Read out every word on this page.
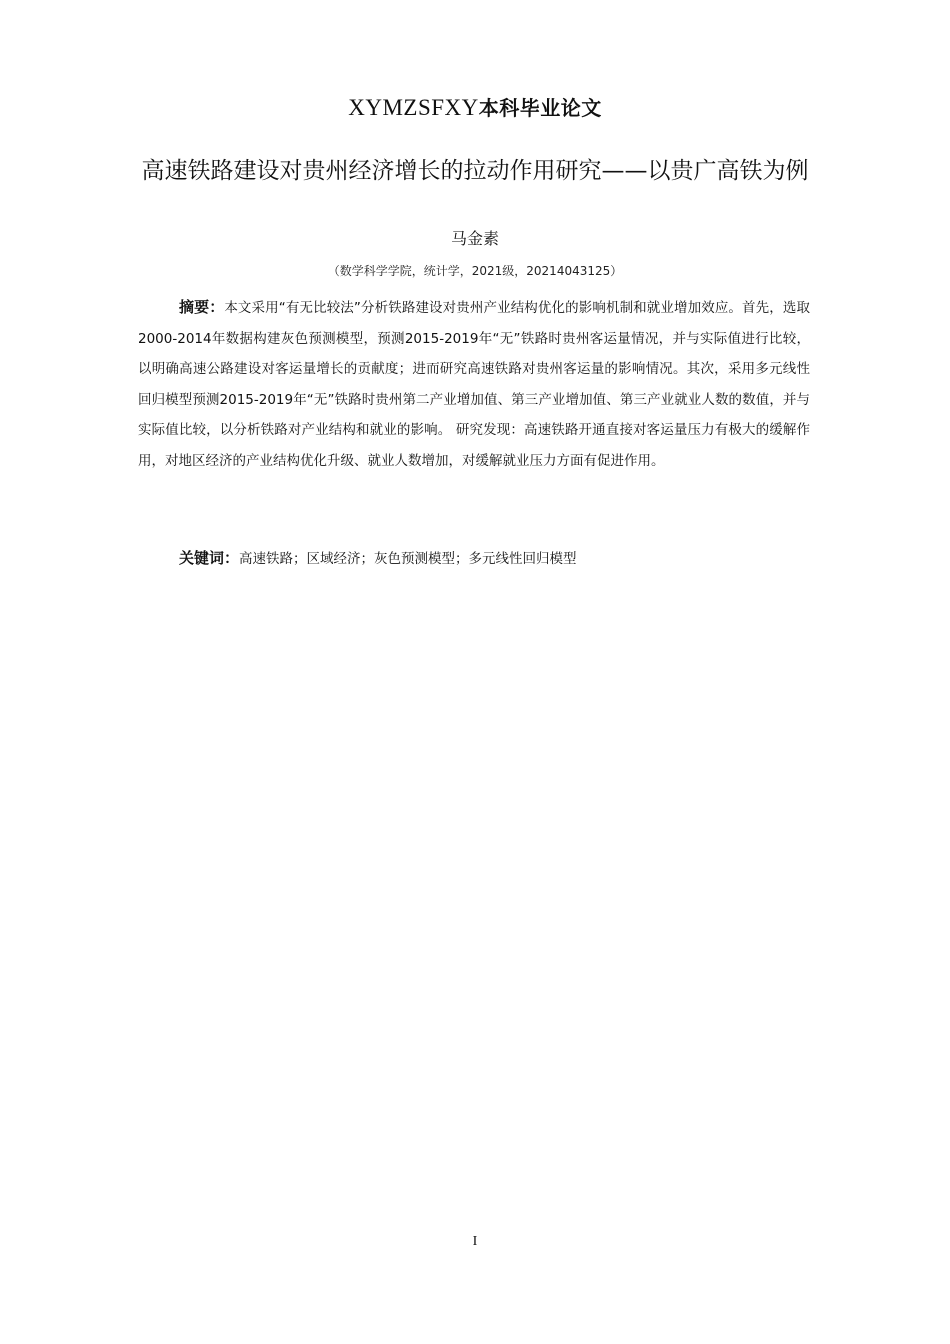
XYMZSFXY本科毕业论文
高速铁路建设对贵州经济增长的拉动作用研究——以贵广高铁为例
马金素
（数学科学学院，统计学，2021级，20214043125）

摘要：本文采用“有无比较法”分析铁路建设对贵州产业结构优化的影响机制和就业增加效应。首先，选取2000-2014年数据构建灰色预测模型，预测2015-2019年“无”铁路时贵州客运量情况，并与实际值进行比较，以明确高速公路建设对客运量增长的贡献度；进而研究高速铁路对贵州客运量的影响情况。其次，采用多元线性回归模型预测2015-2019年“无”铁路时贵州第二产业增加值、第三产业增加值、第三产业就业人数的数值，并与实际值比较，以分析铁路对产业结构和就业的影响。 研究发现：高速铁路开通直接对客运量压力有极大的缓解作用，对地区经济的产业结构优化升级、就业人数增加，对缓解就业压力方面有促进作用。

关键词：高速铁路；区域经济；灰色预测模型；多元线性回归模型

I
